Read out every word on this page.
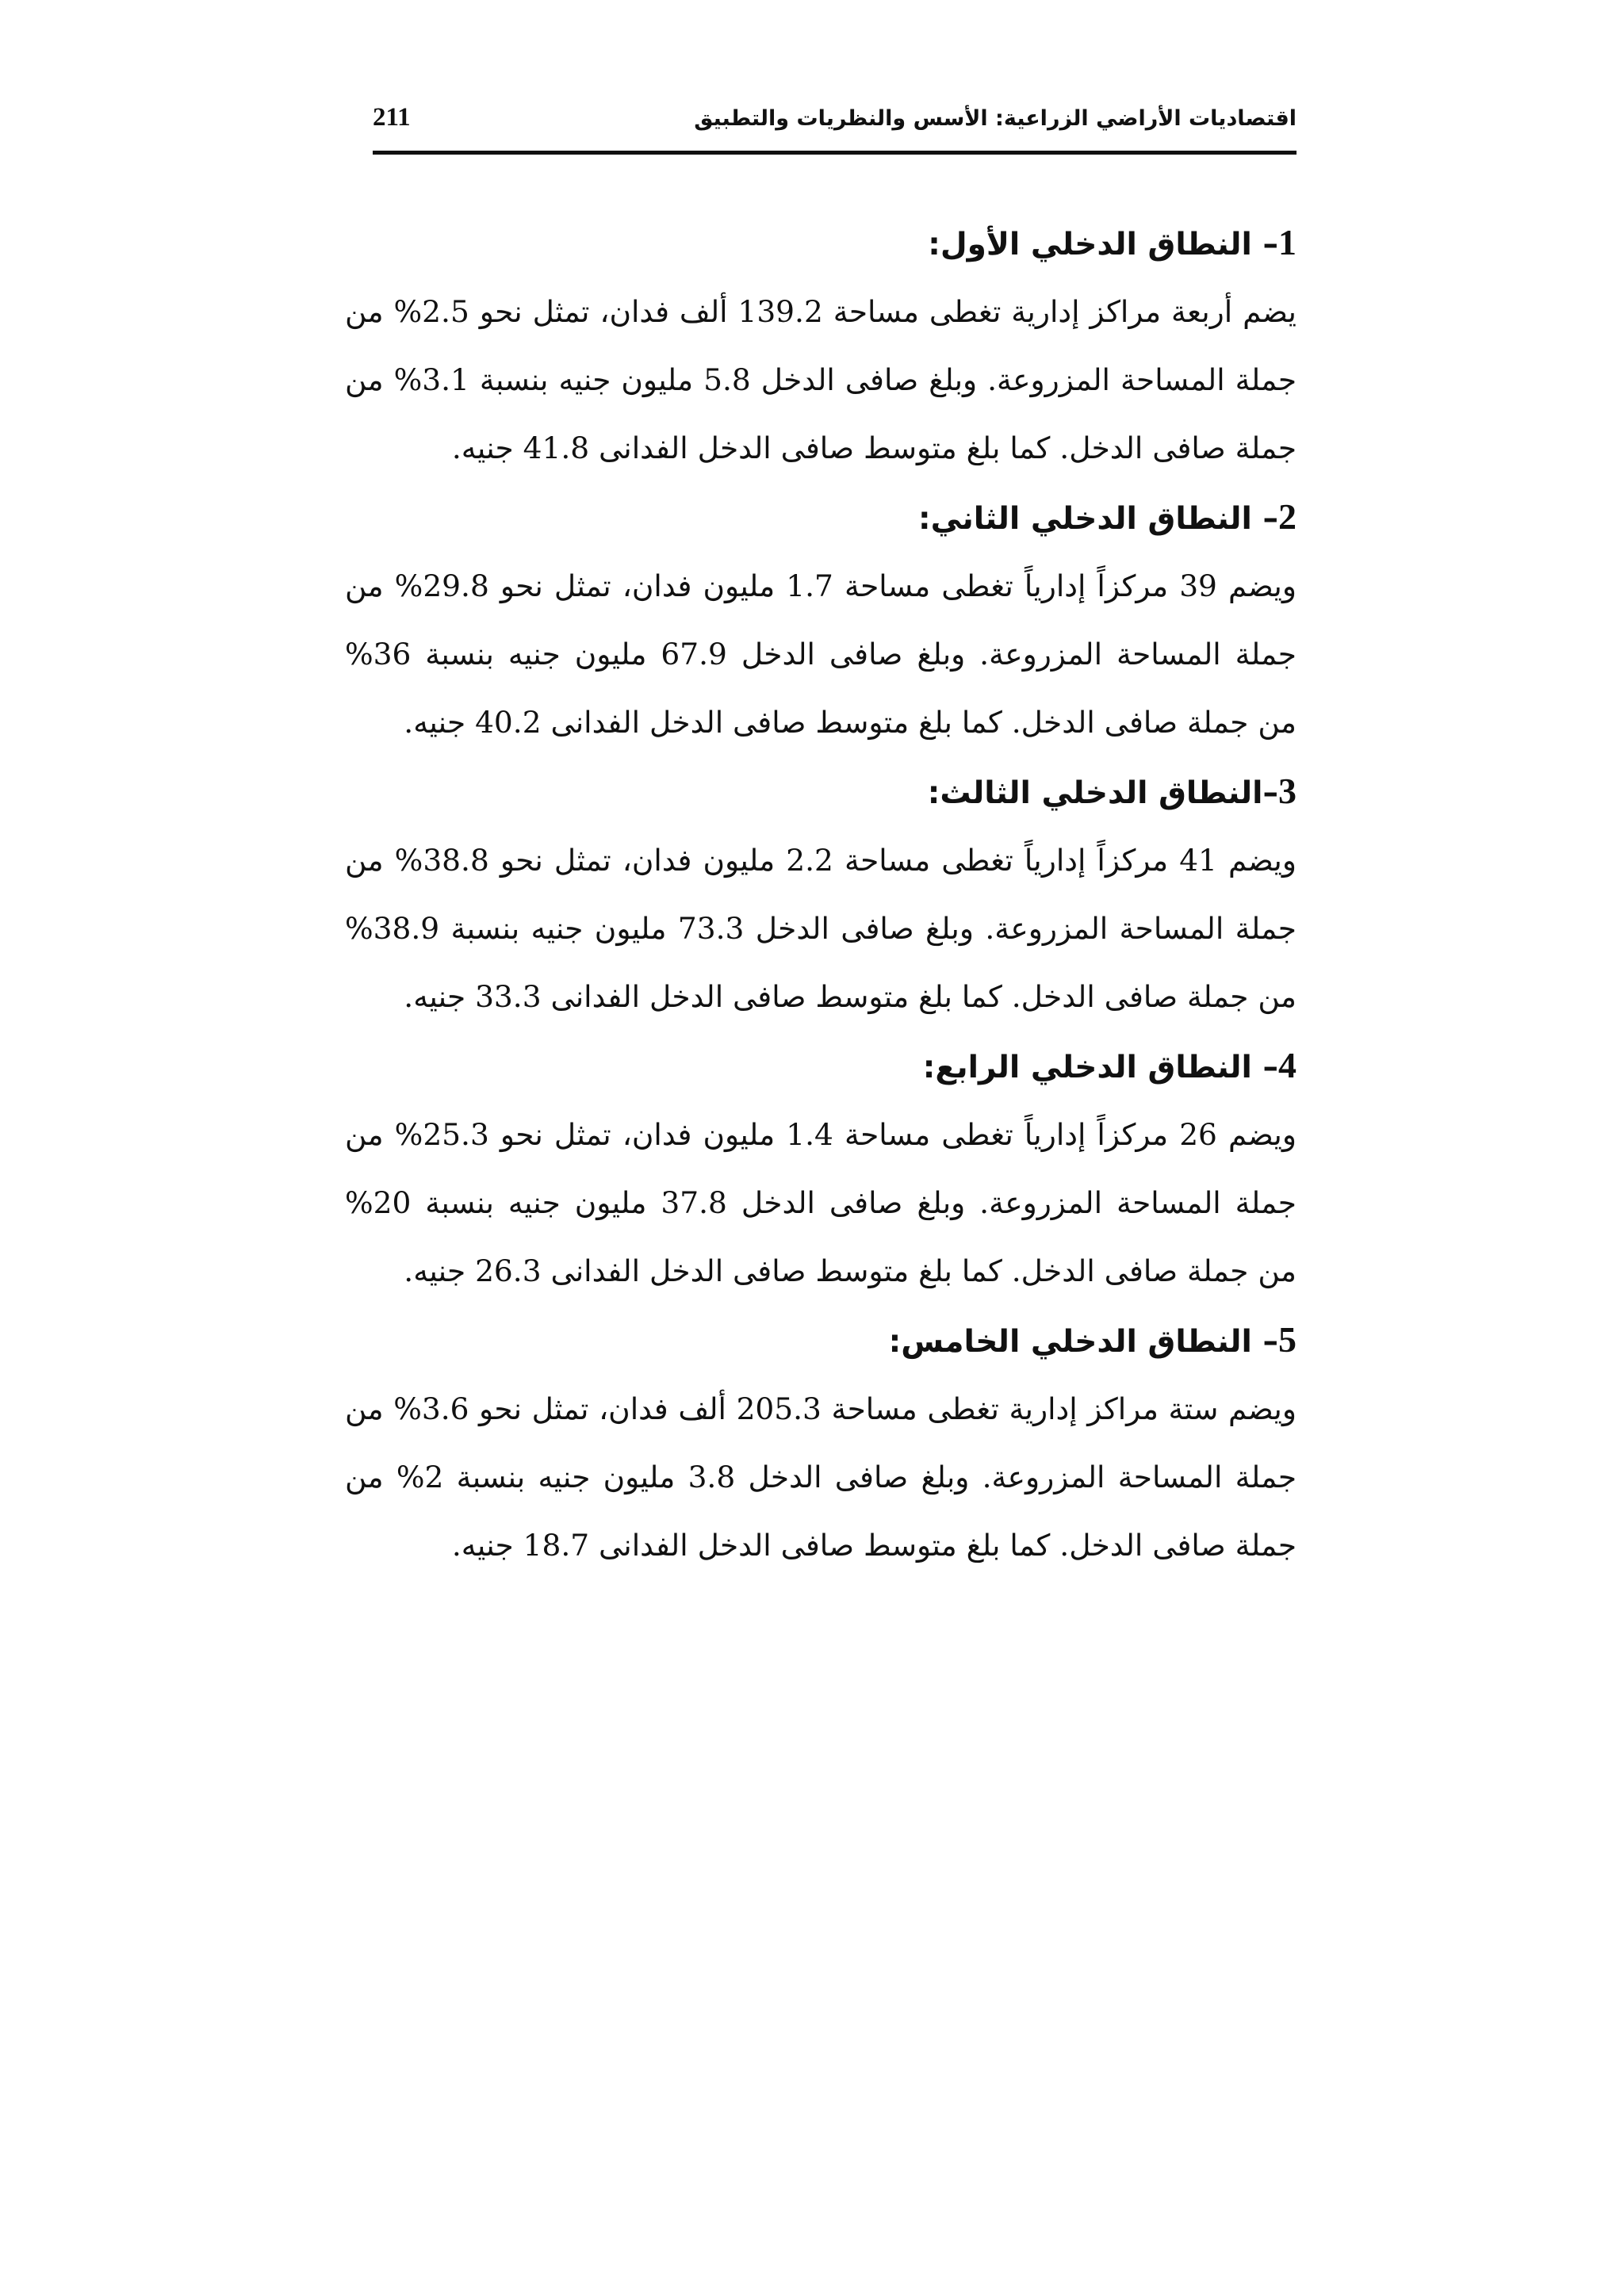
اقتصاديات الأراضي الزراعية: الأسس والنظريات والتطبيق
211
1– النطاق الدخلي الأول:

يضم أربعة مراكز إدارية تغطى مساحة 139.2 ألف فدان، تمثل نحو 2.5% من جملة المساحة المزروعة. وبلغ صافى الدخل 5.8 مليون جنيه بنسبة 3.1% من جملة صافى الدخل. كما بلغ متوسط صافى الدخل الفدانى 41.8 جنيه.

2– النطاق الدخلي الثاني:

ويضم 39 مركزاً إدارياً تغطى مساحة 1.7 مليون فدان، تمثل نحو 29.8% من جملة المساحة المزروعة. وبلغ صافى الدخل 67.9 مليون جنيه بنسبة 36% من جملة صافى الدخل. كما بلغ متوسط صافى الدخل الفدانى 40.2 جنيه.

3–النطاق الدخلي الثالث:

ويضم 41 مركزاً إدارياً تغطى مساحة 2.2 مليون فدان، تمثل نحو 38.8% من جملة المساحة المزروعة. وبلغ صافى الدخل 73.3 مليون جنيه بنسبة 38.9% من جملة صافى الدخل. كما بلغ متوسط صافى الدخل الفدانى 33.3 جنيه.

4– النطاق الدخلي الرابع:

ويضم 26 مركزاً إدارياً تغطى مساحة 1.4 مليون فدان، تمثل نحو 25.3% من جملة المساحة المزروعة. وبلغ صافى الدخل 37.8 مليون جنيه بنسبة 20% من جملة صافى الدخل. كما بلغ متوسط صافى الدخل الفدانى 26.3 جنيه.

5– النطاق الدخلي الخامس:

ويضم ستة مراكز إدارية تغطى مساحة 205.3 ألف فدان، تمثل نحو 3.6% من جملة المساحة المزروعة. وبلغ صافى الدخل 3.8 مليون جنيه بنسبة 2% من جملة صافى الدخل. كما بلغ متوسط صافى الدخل الفدانى 18.7 جنيه.
